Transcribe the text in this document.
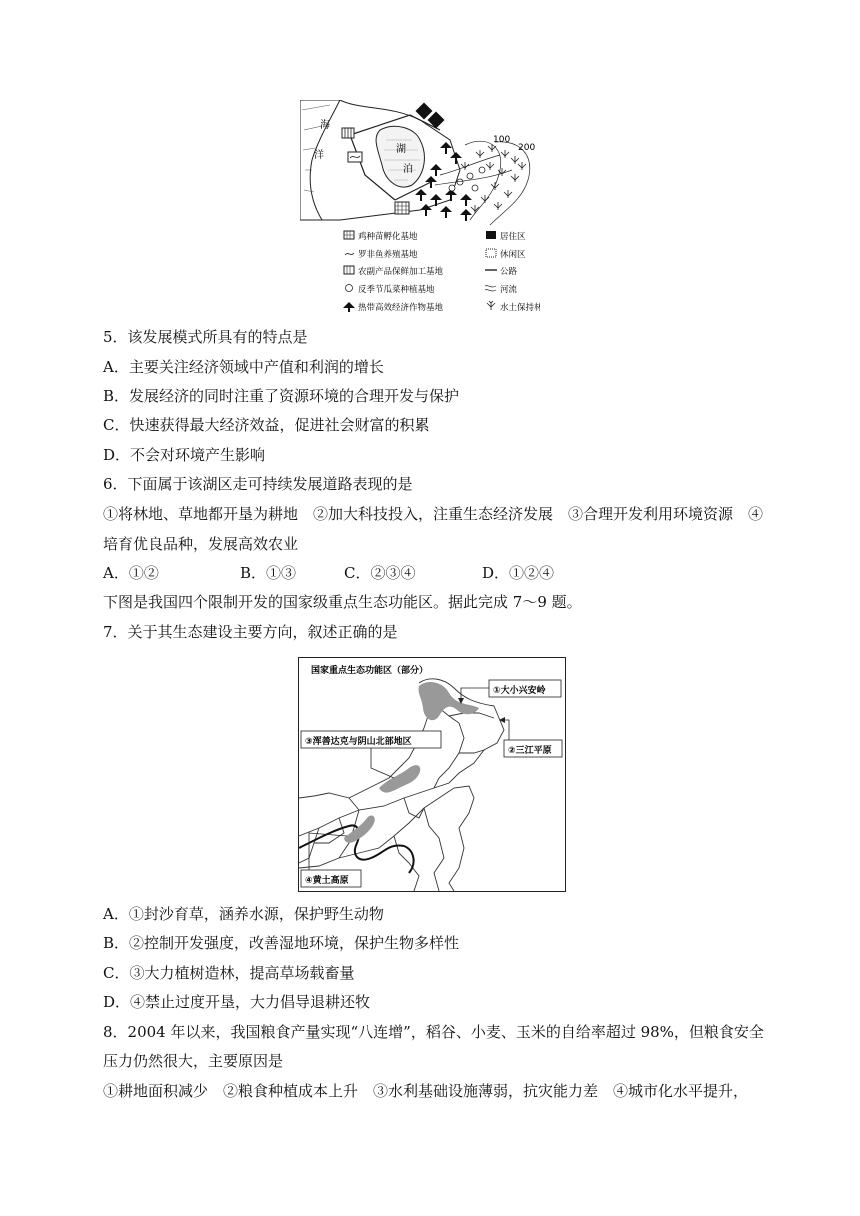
海
洋
湖
泊
100
200
鸡种苗孵化基地
罗非鱼养殖基地
农副产品保鲜加工基地
反季节瓜菜种植基地
热带高效经济作物基地
居住区
休闲区
公路
河流
水土保持林
5．该发展模式所具有的特点是
A．主要关注经济领域中产值和利润的增长
B．发展经济的同时注重了资源环境的合理开发与保护
C．快速获得最大经济效益，促进社会财富的积累
D．不会对环境产生影响
6．下面属于该湖区走可持续发展道路表现的是
①将林地、草地都开垦为耕地　②加大科技投入，注重生态经济发展　③合理开发利用环境资源　④
培育优良品种，发展高效农业
A．①②	B．①③	C．②③④	D．①②④
下图是我国四个限制开发的国家级重点生态功能区。据此完成 7～9 题。
7．关于其生态建设主要方向，叙述正确的是
国家重点生态功能区（部分）
①大小兴安岭
②三江平原
③浑善达克与阴山北部地区
④黄土高原
A．①封沙育草，涵养水源，保护野生动物
B．②控制开发强度，改善湿地环境，保护生物多样性
C．③大力植树造林，提高草场载畜量
D．④禁止过度开垦，大力倡导退耕还牧
8．2004 年以来，我国粮食产量实现“八连增”，稻谷、小麦、玉米的自给率超过 98%，但粮食安全
压力仍然很大，主要原因是
①耕地面积减少　②粮食种植成本上升　③水利基础设施薄弱，抗灾能力差　④城市化水平提升，
